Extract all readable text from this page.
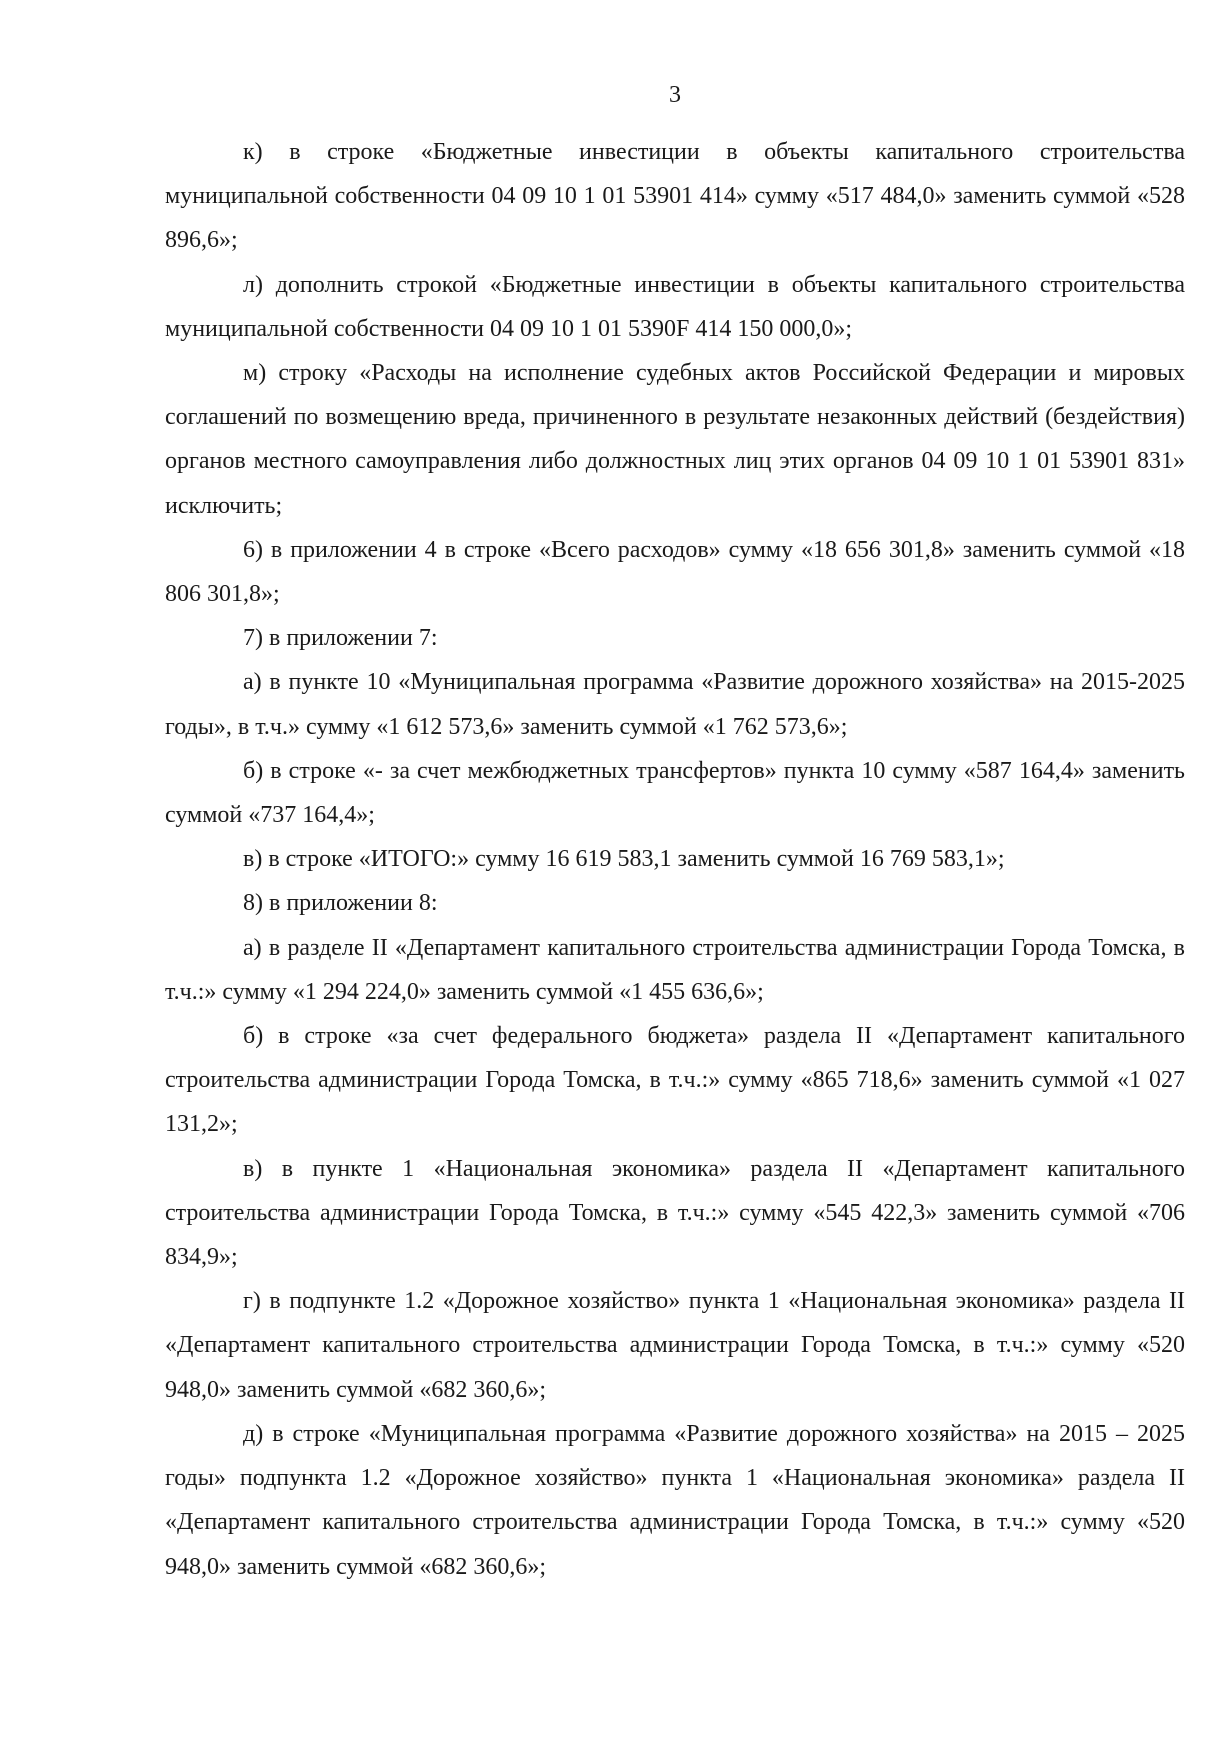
3

к) в строке «Бюджетные инвестиции в объекты капитального строительства муниципальной собственности 04 09 10 1 01 53901 414» сумму «517 484,0» заменить суммой «528 896,6»;

л) дополнить строкой «Бюджетные инвестиции в объекты капитального строительства муниципальной собственности 04 09 10 1 01 5390F 414 150 000,0»;

м) строку «Расходы на исполнение судебных актов Российской Федерации и мировых соглашений по возмещению вреда, причиненного в результате незаконных действий (бездействия) органов местного самоуправления либо должностных лиц этих органов 04 09 10 1 01 53901 831» исключить;

6) в приложении 4 в строке «Всего расходов» сумму «18 656 301,8» заменить суммой «18 806 301,8»;

7) в приложении 7:

а) в пункте 10 «Муниципальная программа «Развитие дорожного хозяйства» на 2015-2025 годы», в т.ч.» сумму «1 612 573,6» заменить суммой «1 762 573,6»;

б) в строке «- за счет межбюджетных трансфертов» пункта 10 сумму «587 164,4» заменить суммой «737 164,4»;

в) в строке «ИТОГО:» сумму 16 619 583,1 заменить суммой 16 769 583,1»;

8) в приложении 8:

а) в разделе II «Департамент капитального строительства администрации Города Томска, в т.ч.:» сумму «1 294 224,0» заменить суммой «1 455 636,6»;

б) в строке «за счет федерального бюджета» раздела II «Департамент капитального строительства администрации Города Томска, в т.ч.:» сумму «865 718,6» заменить суммой «1 027 131,2»;

в) в пункте 1 «Национальная экономика» раздела II «Департамент капитального строительства администрации Города Томска, в т.ч.:» сумму «545 422,3» заменить суммой «706 834,9»;

г) в подпункте 1.2 «Дорожное хозяйство» пункта 1 «Национальная экономика» раздела II «Департамент капитального строительства администрации Города Томска, в т.ч.:» сумму «520 948,0» заменить суммой «682 360,6»;

д) в строке «Муниципальная программа «Развитие дорожного хозяйства» на 2015 – 2025 годы» подпункта 1.2 «Дорожное хозяйство» пункта 1 «Национальная экономика» раздела II «Департамент капитального строительства администрации Города Томска, в т.ч.:» сумму «520 948,0» заменить суммой «682 360,6»;
